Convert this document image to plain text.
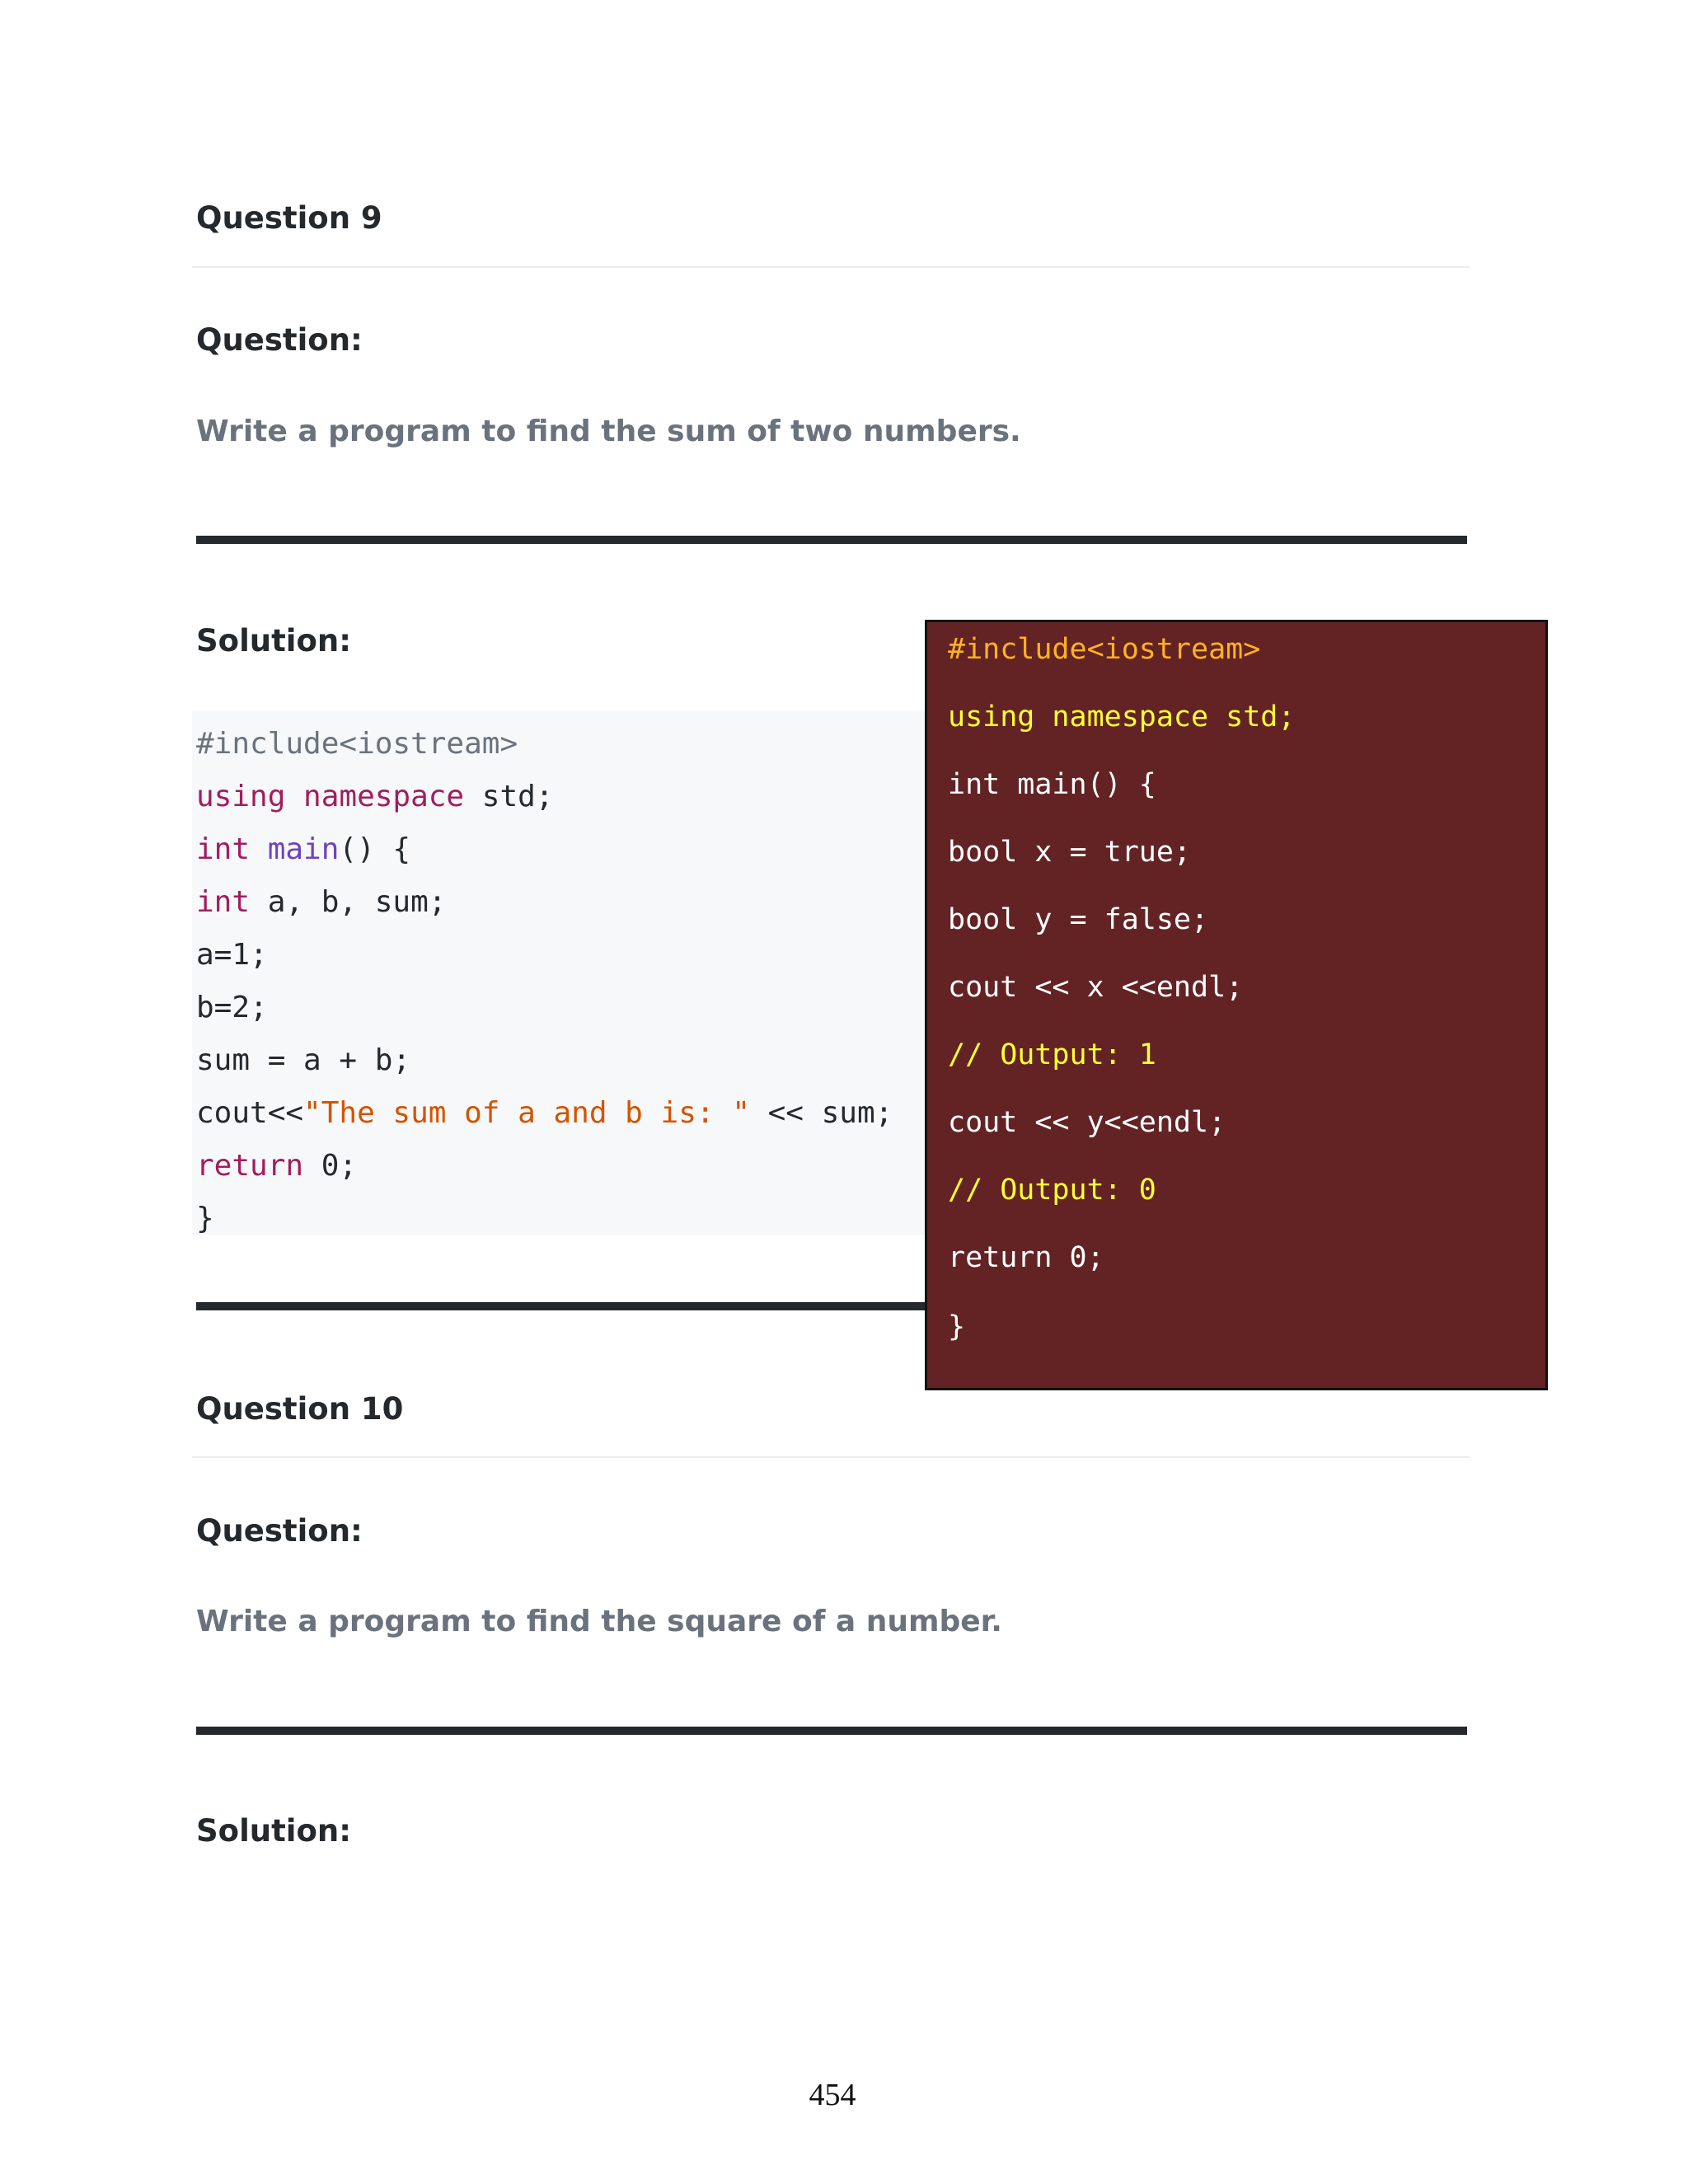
Question 9
Question:

Write a program to find the sum of two numbers.

Solution:
#include<iostream>
using namespace std;
int main() {
int a, b, sum;
a=1;
b=2;
sum = a + b;
cout<<"The sum of a and b is: " << sum;
return 0;
}
#include<iostream>
using namespace std;
int main() {
bool x = true;
bool y = false;
cout << x <<endl;
// Output: 1
cout << y<<endl;
// Output: 0
return 0;
}
Question 10
Question:

Write a program to find the square of a number.

Solution:
454
